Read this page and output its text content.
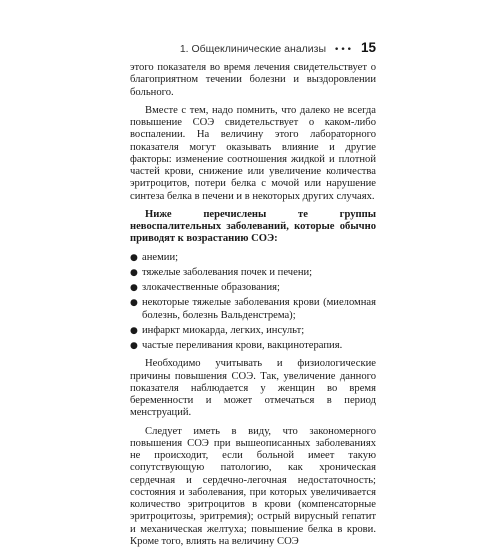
1. Общеклинические анализы ••• 15

этого показателя во время лечения свидетельствует о благоприятном течении болезни и выздоровлении больного.

Вместе с тем, надо помнить, что далеко не всегда повышение СОЭ свидетельствует о каком-либо воспалении. На величину этого лабораторного показателя могут оказывать влияние и другие факторы: изменение соотношения жидкой и плотной частей крови, снижение или увеличение количества эритроцитов, потери белка с мочой или нарушение синтеза белка в печени и в некоторых других случаях.

Ниже перечислены те группы невоспалительных заболеваний, которые обычно приводят к возрастанию СОЭ:

● анемии;
● тяжелые заболевания почек и печени;
● злокачественные образования;
● некоторые тяжелые заболевания крови (миеломная болезнь, болезнь Вальденстрема);
● инфаркт миокарда, легких, инсульт;
● частые переливания крови, вакцинотерапия.

Необходимо учитывать и физиологические причины повышения СОЭ. Так, увеличение данного показателя наблюдается у женщин во время беременности и может отмечаться в период менструаций.

Следует иметь в виду, что закономерного повышения СОЭ при вышеописанных заболеваниях не происходит, если больной имеет такую сопутствующую патологию, как хроническая сердечная и сердечно-легочная недостаточность; состояния и заболевания, при которых увеличивается количество эритроцитов в крови (компенсаторные эритроцитозы, эритремия); острый вирусный гепатит и механическая желтуха; повышение белка в крови. Кроме того, влиять на величину СОЭ
